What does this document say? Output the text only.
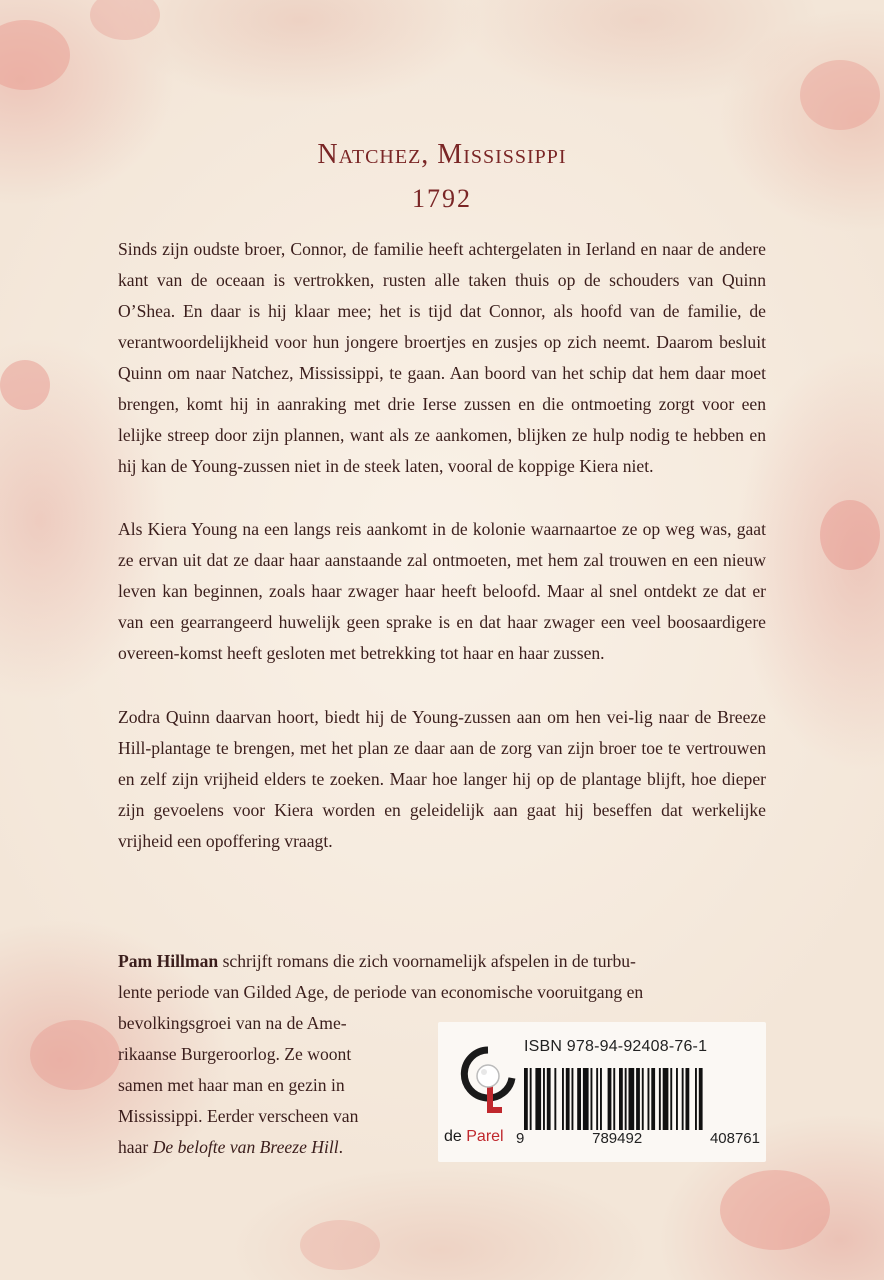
Natchez, Mississippi
1792

Sinds zijn oudste broer, Connor, de familie heeft achtergelaten in Ierland en naar de andere kant van de oceaan is vertrokken, rusten alle taken thuis op de schouders van Quinn O’Shea. En daar is hij klaar mee; het is tijd dat Connor, als hoofd van de familie, de verantwoordelijkheid voor hun jongere broertjes en zusjes op zich neemt. Daarom besluit Quinn om naar Natchez, Mississippi, te gaan. Aan boord van het schip dat hem daar moet brengen, komt hij in aanraking met drie Ierse zussen en die ontmoeting zorgt voor een lelijke streep door zijn plannen, want als ze aankomen, blijken ze hulp nodig te hebben en hij kan de Young-zussen niet in de steek laten, vooral de koppige Kiera niet.

Als Kiera Young na een langs reis aankomt in de kolonie waarnaartoe ze op weg was, gaat ze ervan uit dat ze daar haar aanstaande zal ontmoeten, met hem zal trouwen en een nieuw leven kan beginnen, zoals haar zwager haar heeft beloofd. Maar al snel ontdekt ze dat er van een gearrangeerd huwelijk geen sprake is en dat haar zwager een veel boosaardigere overeen-komst heeft gesloten met betrekking tot haar en haar zussen.

Zodra Quinn daarvan hoort, biedt hij de Young-zussen aan om hen vei-lig naar de Breeze Hill-plantage te brengen, met het plan ze daar aan de zorg van zijn broer toe te vertrouwen en zelf zijn vrijheid elders te zoeken. Maar hoe langer hij op de plantage blijft, hoe dieper zijn gevoelens voor Kiera worden en geleidelijk aan gaat hij beseffen dat werkelijke vrijheid een opoffering vraagt.

Pam Hillman schrijft romans die zich voornamelijk afspelen in de turbu-
lente periode van Gilded Age, de periode van economische vooruitgang en
bevolkingsgroei van na de Ame-
rikaanse Burgeroorlog. Ze woont
samen met haar man en gezin in
Mississippi. Eerder verscheen van
haar De belofte van Breeze Hill.
de Parel
ISBN 978-94-92408-76-1
9	789492	408761
